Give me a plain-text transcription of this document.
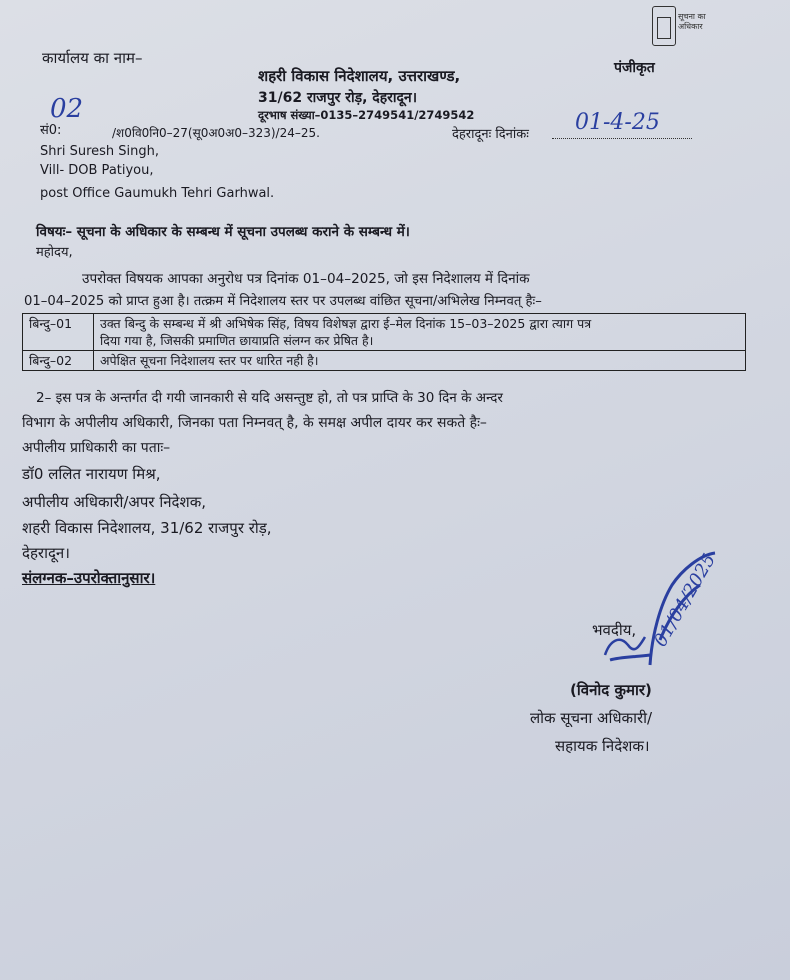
सूचना का अधिकार
कार्यालय का नाम–
शहरी विकास निदेशालय, उत्तराखण्ड,
31/62 राजपुर रोड़, देहरादून।
दूरभाष संख्या–0135–2749541/2749542
पंजीकृत
02
सं0:	/श0वि0नि0–27(सू0अ0अ0–323)/24–25.	देहरादूनः दिनांकः 01-4-25
Shri Suresh Singh,
Vill- DOB Patiyou,
post Office Gaumukh Tehri Garhwal.
विषयः– सूचना के अधिकार के सम्बन्ध में सूचना उपलब्ध कराने के सम्बन्ध में।
महोदय,
उपरोक्त विषयक आपका अनुरोध पत्र दिनांक 01–04–2025, जो इस निदेशालय में दिनांक
01–04–2025 को प्राप्त हुआ है। तत्क्रम में निदेशालय स्तर पर उपलब्ध वांछित सूचना/अभिलेख निम्नवत् हैः–
बिन्दु–01	उक्त बिन्दु के सम्बन्ध में श्री अभिषेक सिंह, विषय विशेषज्ञ द्वारा ई–मेल दिनांक 15–03–2025 द्वारा त्याग पत्र
दिया गया है, जिसकी प्रमाणित छायाप्रति संलग्न कर प्रेषित है।

बिन्दु–02	अपेक्षित सूचना निदेशालय स्तर पर धारित नही है।
2– इस पत्र के अन्तर्गत दी गयी जानकारी से यदि असन्तुष्ट हो, तो पत्र प्राप्ति के 30 दिन के अन्दर
विभाग के अपीलीय अधिकारी, जिनका पता निम्नवत् है, के समक्ष अपील दायर कर सकते हैः–
अपीलीय प्राधिकारी का पताः–
डॉ0 ललित नारायण मिश्र,
अपीलीय अधिकारी/अपर निदेशक,
शहरी विकास निदेशालय, 31/62 राजपुर रोड़,
देहरादून।
संलग्नक–उपरोक्तानुसार।	01/04/2025
भवदीय,
(विनोद कुमार)
लोक सूचना अधिकारी/
सहायक निदेशक।
